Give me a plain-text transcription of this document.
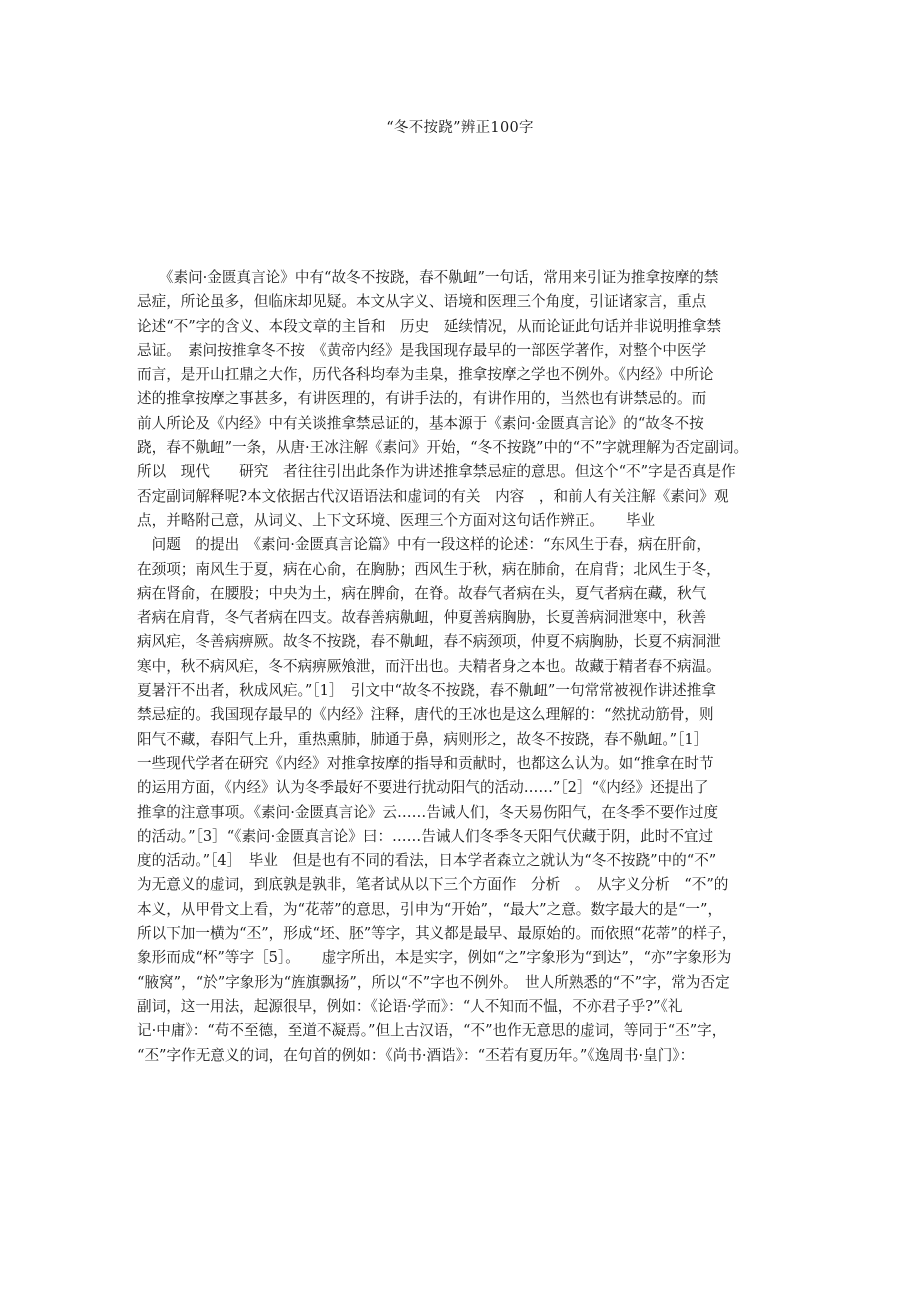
“冬不按跷”辨正100字
　　《素问·金匮真言论》中有“故冬不按跷，春不鼽衄”一句话，常用来引证为推拿按摩的禁
忌症，所论虽多，但临床却见疑。本文从字义、语境和医理三个角度，引证诸家言，重点
论述“不”字的含义、本段文章的主旨和　历史　延续情况，从而论证此句话并非说明推拿禁
忌证。　素问按推拿冬不按　《黄帝内经》是我国现存最早的一部医学著作，对整个中医学
而言，是开山扛鼎之大作，历代各科均奉为圭臬，推拿按摩之学也不例外。《内经》中所论
述的推拿按摩之事甚多，有讲医理的，有讲手法的，有讲作用的，当然也有讲禁忌的。而
前人所论及《内经》中有关谈推拿禁忌证的，基本源于《素问·金匮真言论》的“故冬不按
跷，春不鼽衄”一条，从唐·王冰注解《素问》开始，“冬不按跷”中的“不”字就理解为否定副词。
所以　现代　　研究　者往往引出此条作为讲述推拿禁忌症的意思。但这个“不”字是否真是作
否定副词解释呢?本文依据古代汉语语法和虚词的有关　内容　，和前人有关注解《素问》观
点，并略附己意，从词义、上下文环境、医理三个方面对这句话作辨正。　　毕业
　问题　的提出　《素问·金匮真言论篇》中有一段这样的论述：“东风生于春，病在肝俞，
在颈项；南风生于夏，病在心俞，在胸胁；西风生于秋，病在肺俞，在肩背；北风生于冬，
病在肾俞，在腰股；中央为土，病在脾俞，在脊。故春气者病在头，夏气者病在藏，秋气
者病在肩背，冬气者病在四支。故春善病鼽衄，仲夏善病胸胁，长夏善病洞泄寒中，秋善
病风疟，冬善病痹厥。故冬不按跷，春不鼽衄，春不病颈项，仲夏不病胸胁，长夏不病洞泄
寒中，秋不病风疟，冬不病痹厥飧泄，而汗出也。夫精者身之本也。故藏于精者春不病温。
夏暑汗不出者，秋成风疟。”［1］　引文中“故冬不按跷，春不鼽衄”一句常常被视作讲述推拿
禁忌症的。我国现存最早的《内经》注释，唐代的王冰也是这么理解的：“然扰动筋骨，则
阳气不藏，春阳气上升，重热熏肺，肺通于鼻，病则形之，故冬不按跷，春不鼽衄。”［1］
一些现代学者在研究《内经》对推拿按摩的指导和贡献时，也都这么认为。如“推拿在时节
的运用方面，《内经》认为冬季最好不要进行扰动阳气的活动……”［2］“《内经》还提出了
推拿的注意事项。《素问·金匮真言论》云……告诫人们，冬天易伤阳气，在冬季不要作过度
的活动。”［3］“《素问·金匮真言论》曰：……告诫人们冬季冬天阳气伏藏于阴，此时不宜过
度的活动。”［4］　毕业　但是也有不同的看法，日本学者森立之就认为“冬不按跷”中的“不”
为无意义的虚词，到底孰是孰非，笔者试从以下三个方面作　分析　。　从字义分析　“不”的
本义，从甲骨文上看，为“花蒂”的意思，引申为“开始”，“最大”之意。数字最大的是“一”，
所以下加一横为“丕”，形成“坯、胚”等字，其义都是最早、最原始的。而依照“花蒂”的样子，
象形而成“杯”等字［5］。　　虚字所出，本是实字，例如“之”字象形为“到达”，“亦”字象形为
“腋窝”，“於”字象形为“旌旗飘扬”，所以“不”字也不例外。　世人所熟悉的“不”字，常为否定
副词，这一用法，起源很早，例如：《论语·学而》：“人不知而不愠，不亦君子乎?”《礼
记·中庸》：“苟不至德，至道不凝焉。”但上古汉语，“不”也作无意思的虚词，等同于“丕”字，
“丕”字作无意义的词，在句首的例如：《尚书·酒诰》：“丕若有夏历年。”《逸周书·皇门》：
